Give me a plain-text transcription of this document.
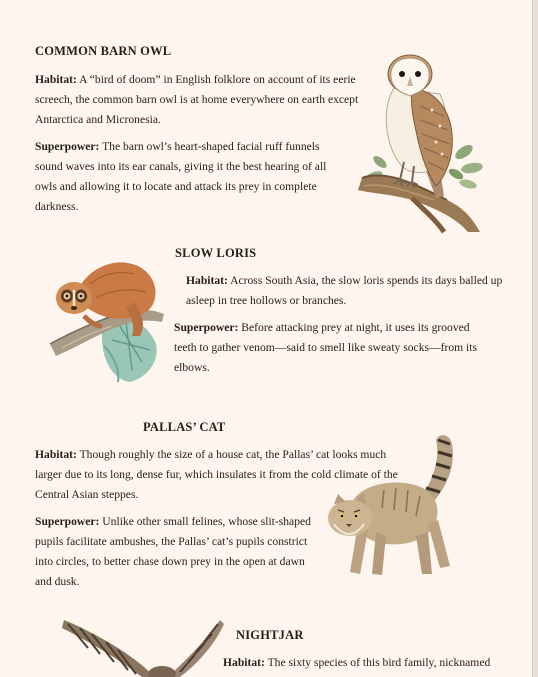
COMMON BARN OWL

Habitat: A “bird of doom” in English folklore on account of its eerie screech, the common barn owl is at home everywhere on earth except Antarctica and Micronesia.

Superpower: The barn owl’s heart-shaped facial ruff funnels sound waves into its ear canals, giving it the best hearing of all owls and allowing it to locate and attack its prey in complete darkness.

SLOW LORIS

Habitat: Across South Asia, the slow loris spends its days balled up asleep in tree hollows or branches.

Superpower: Before attacking prey at night, it uses its grooved teeth to gather venom—said to smell like sweaty socks—from its elbows.

PALLAS’ CAT

Habitat: Though roughly the size of a house cat, the Pallas’ cat looks much larger due to its long, dense fur, which insulates it from the cold climate of the Central Asian steppes.

Superpower: Unlike other small felines, whose slit-shaped pupils facilitate ambushes, the Pallas’ cat’s pupils constrict into circles, to better chase down prey in the open at dawn and dusk.

NIGHTJAR

Habitat: The sixty species of this bird family, nicknamed
